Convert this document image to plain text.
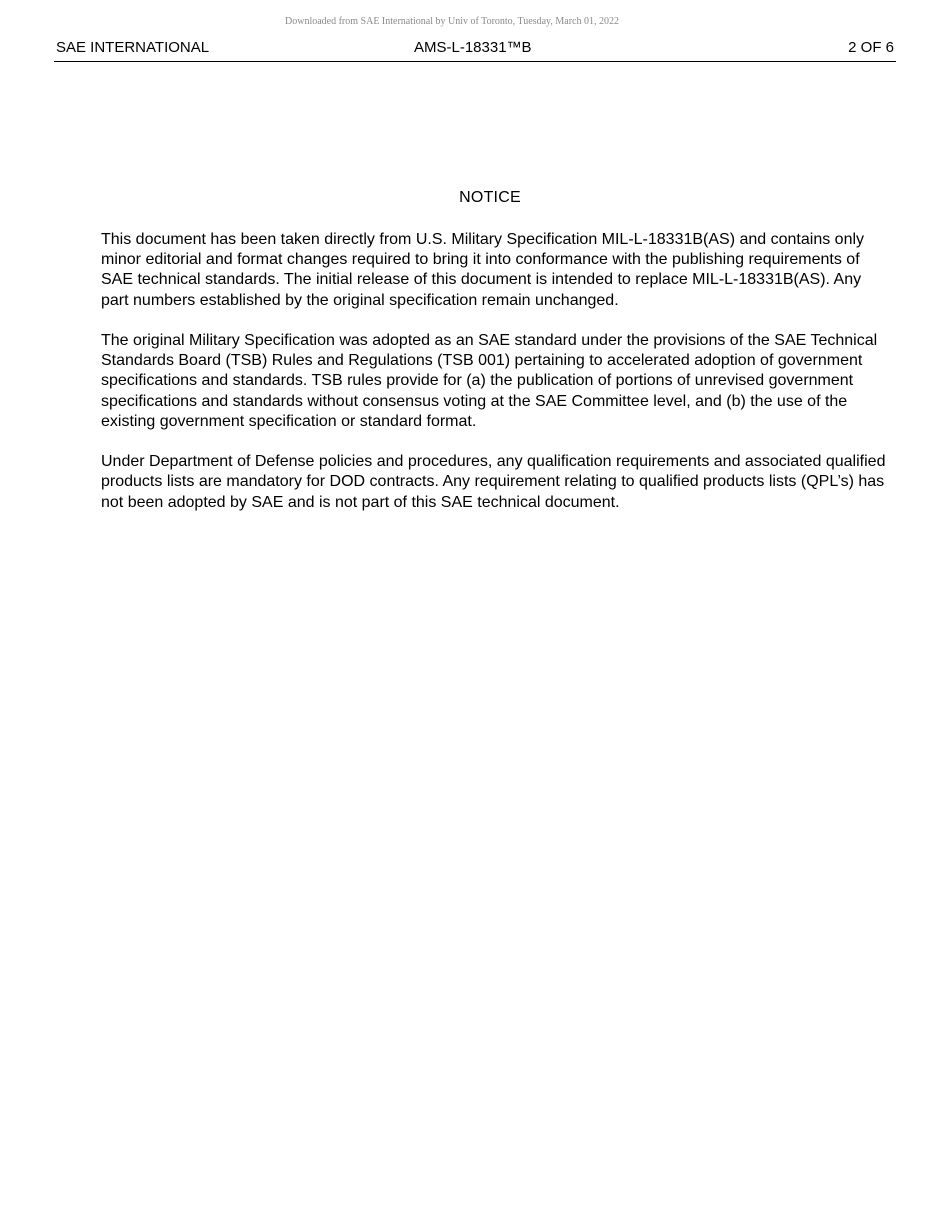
Downloaded from SAE International by Univ of Toronto, Tuesday, March 01, 2022
SAE INTERNATIONAL	AMS-L-18331™B	2 OF 6
NOTICE

This document has been taken directly from U.S. Military Specification MIL-L-18331B(AS) and contains only minor editorial and format changes required to bring it into conformance with the publishing requirements of SAE technical standards. The initial release of this document is intended to replace MIL-L-18331B(AS). Any part numbers established by the original specification remain unchanged.

The original Military Specification was adopted as an SAE standard under the provisions of the SAE Technical Standards Board (TSB) Rules and Regulations (TSB 001) pertaining to accelerated adoption of government specifications and standards. TSB rules provide for (a) the publication of portions of unrevised government specifications and standards without consensus voting at the SAE Committee level, and (b) the use of the existing government specification or standard format.

Under Department of Defense policies and procedures, any qualification requirements and associated qualified products lists are mandatory for DOD contracts. Any requirement relating to qualified products lists (QPL’s) has not been adopted by SAE and is not part of this SAE technical document.
